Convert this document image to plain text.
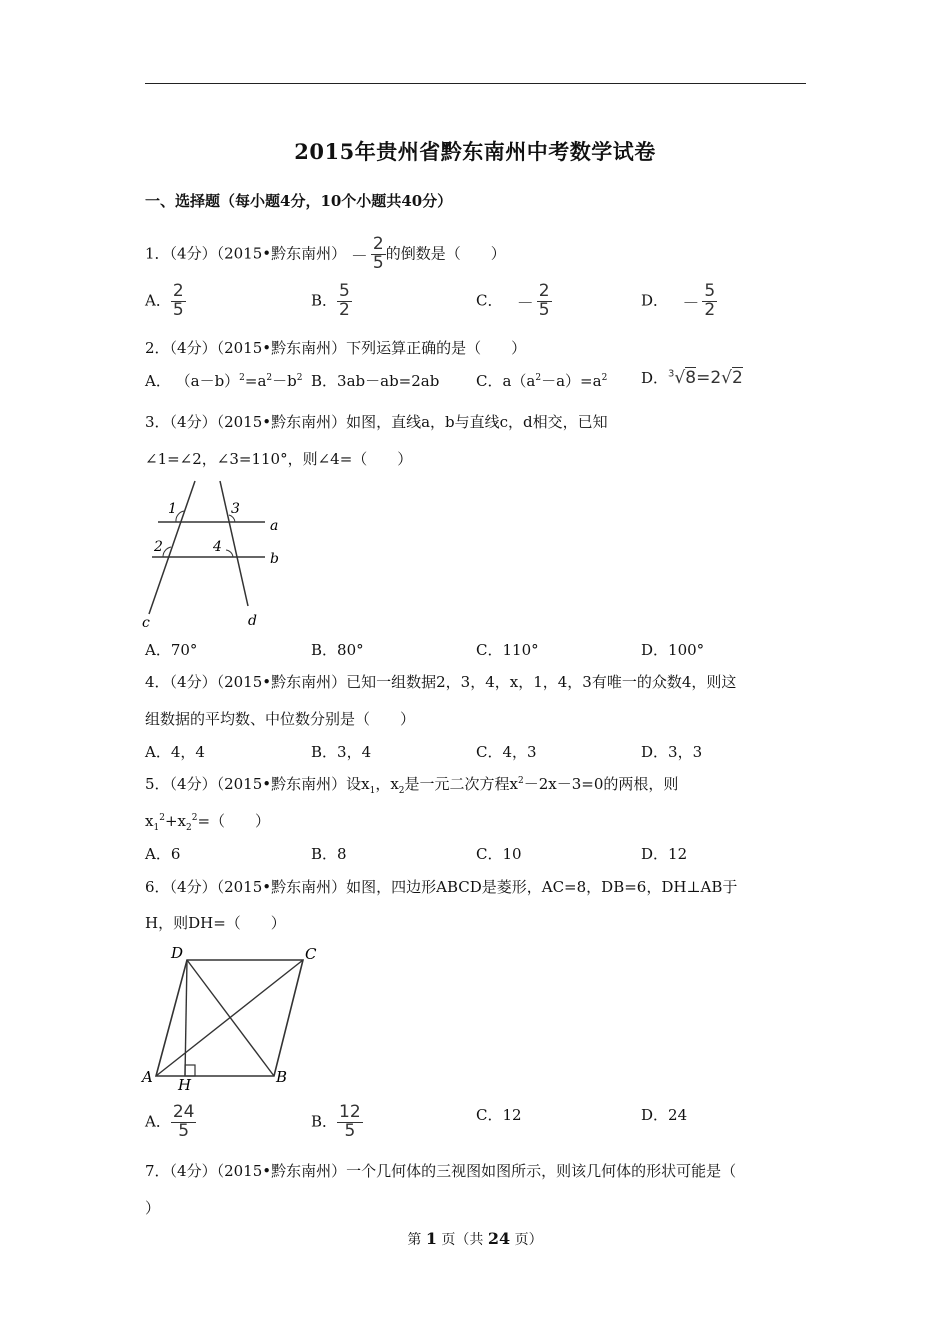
2015年贵州省黔东南州中考数学试卷
一、选择题（每小题4分，10个小题共40分）
1．（4分）（2015•黔东南州） － $\frac{2}{5}$ 的倒数是（　　）
A． $\frac{2}{5}$	B． $\frac{5}{2}$	C． － $\frac{2}{5}$	D． － $\frac{5}{2}$
2．（4分）（2015•黔东南州）下列运算正确的是（　　）
A． $(a-b)^2=a^2-b^2$ B．3ab－ab=2ab C．$a(a^2-a)=a^2$ D．$^3$√8=2√2
3．（4分）（2015•黔东南州）如图，直线a，b与直线c，d相交，已知
∠1=∠2，∠3=110°，则∠4=（　　）
1	3
2	4
a
b
c	d
A．70°	B．80°	C．110°	D．100°
4．（4分）（2015•黔东南州）已知一组数据2，3，4，x，1，4，3有唯一的众数4，则这
组数据的平均数、中位数分别是（　　）
A．4，4	B．3，4	C．4，3	D．3，3
5．（4分）（2015•黔东南州）设$x_1$，$x_2$是一元二次方程$x^2-2x-3=0$的两根，则
$x_1^2+x_2^2=$（　　）
A．6	B．8	C．10	D．12
6．（4分）（2015•黔东南州）如图，四边形ABCD是菱形，AC=8，DB=6，DH⊥AB于
H，则DH=（　　）
D	C
A	B
H
A． $\frac{24}{5}$	B． $\frac{12}{5}$	C．12	D．24
7．（4分）（2015•黔东南州）一个几何体的三视图如图所示，则该几何体的形状可能是（
）
第 1 页（共 24 页）
